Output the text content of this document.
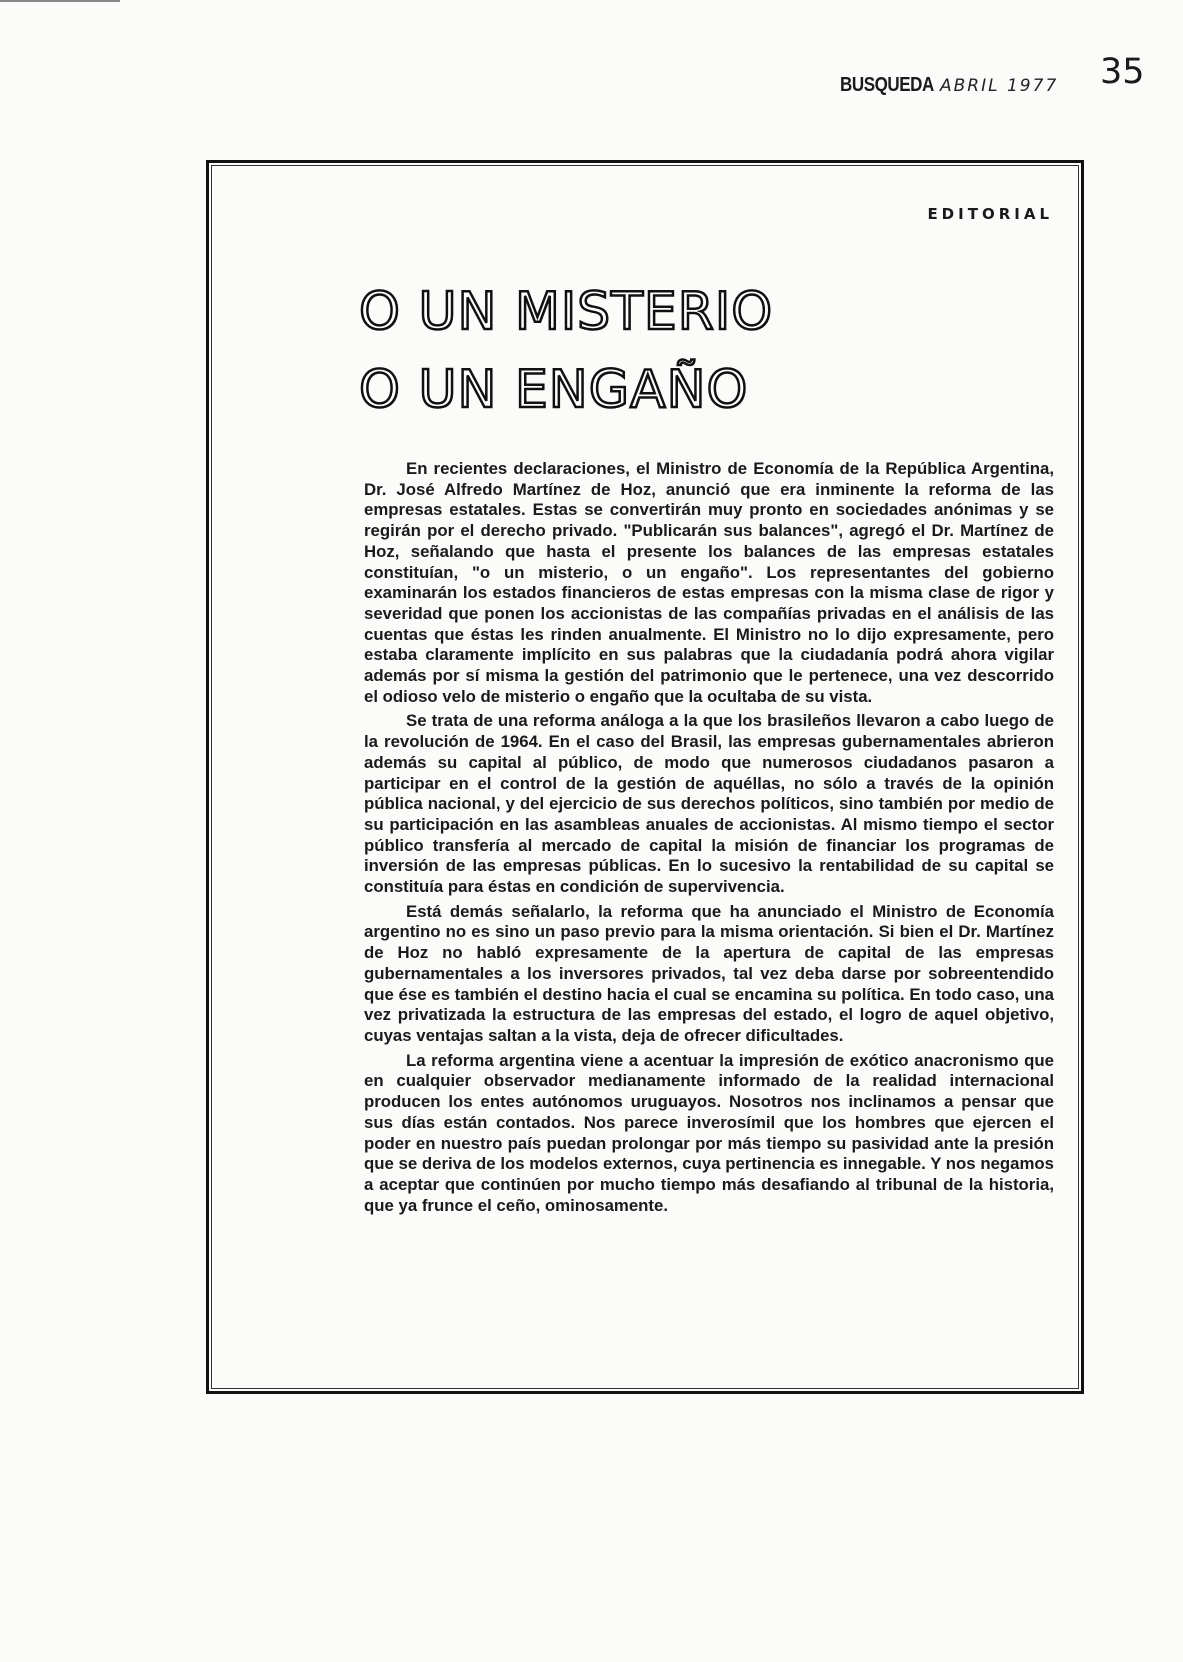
BUSQUEDA ABRIL 1977 35
EDITORIAL
O UN MISTERIO
O UN ENGAÑO

En recientes declaraciones, el Ministro de Economía de la República Argentina, Dr. José Alfredo Martínez de Hoz, anunció que era inminente la reforma de las empresas estatales. Estas se convertirán muy pronto en sociedades anónimas y se regirán por el derecho privado. "Publicarán sus balances", agregó el Dr. Martínez de Hoz, señalando que hasta el presente los balances de las empresas estatales constituían, "o un misterio, o un engaño". Los representantes del gobierno examinarán los estados financieros de estas empresas con la misma clase de rigor y severidad que ponen los accionistas de las compañías privadas en el análisis de las cuentas que éstas les rinden anualmente. El Ministro no lo dijo expresamente, pero estaba claramente implícito en sus palabras que la ciudadanía podrá ahora vigilar además por sí misma la gestión del patrimonio que le pertenece, una vez descorrido el odioso velo de misterio o engaño que la ocultaba de su vista.

Se trata de una reforma análoga a la que los brasileños llevaron a cabo luego de la revolución de 1964. En el caso del Brasil, las empresas gubernamentales abrieron además su capital al público, de modo que numerosos ciudadanos pasaron a participar en el control de la gestión de aquéllas, no sólo a través de la opinión pública nacional, y del ejercicio de sus derechos políticos, sino también por medio de su participación en las asambleas anuales de accionistas. Al mismo tiempo el sector público transfería al mercado de capital la misión de financiar los programas de inversión de las empresas públicas. En lo sucesivo la rentabilidad de su capital se constituía para éstas en condición de supervivencia.

Está demás señalarlo, la reforma que ha anunciado el Ministro de Economía argentino no es sino un paso previo para la misma orientación. Si bien el Dr. Martínez de Hoz no habló expresamente de la apertura de capital de las empresas gubernamentales a los inversores privados, tal vez deba darse por sobreentendido que ése es también el destino hacia el cual se encamina su política. En todo caso, una vez privatizada la estructura de las empresas del estado, el logro de aquel objetivo, cuyas ventajas saltan a la vista, deja de ofrecer dificultades.

La reforma argentina viene a acentuar la impresión de exótico anacronismo que en cualquier observador medianamente informado de la realidad internacional producen los entes autónomos uruguayos. Nosotros nos inclinamos a pensar que sus días están contados. Nos parece inverosímil que los hombres que ejercen el poder en nuestro país puedan prolongar por más tiempo su pasividad ante la presión que se deriva de los modelos externos, cuya pertinencia es innegable. Y nos negamos a aceptar que continúen por mucho tiempo más desafiando al tribunal de la historia, que ya frunce el ceño, ominosamente.
